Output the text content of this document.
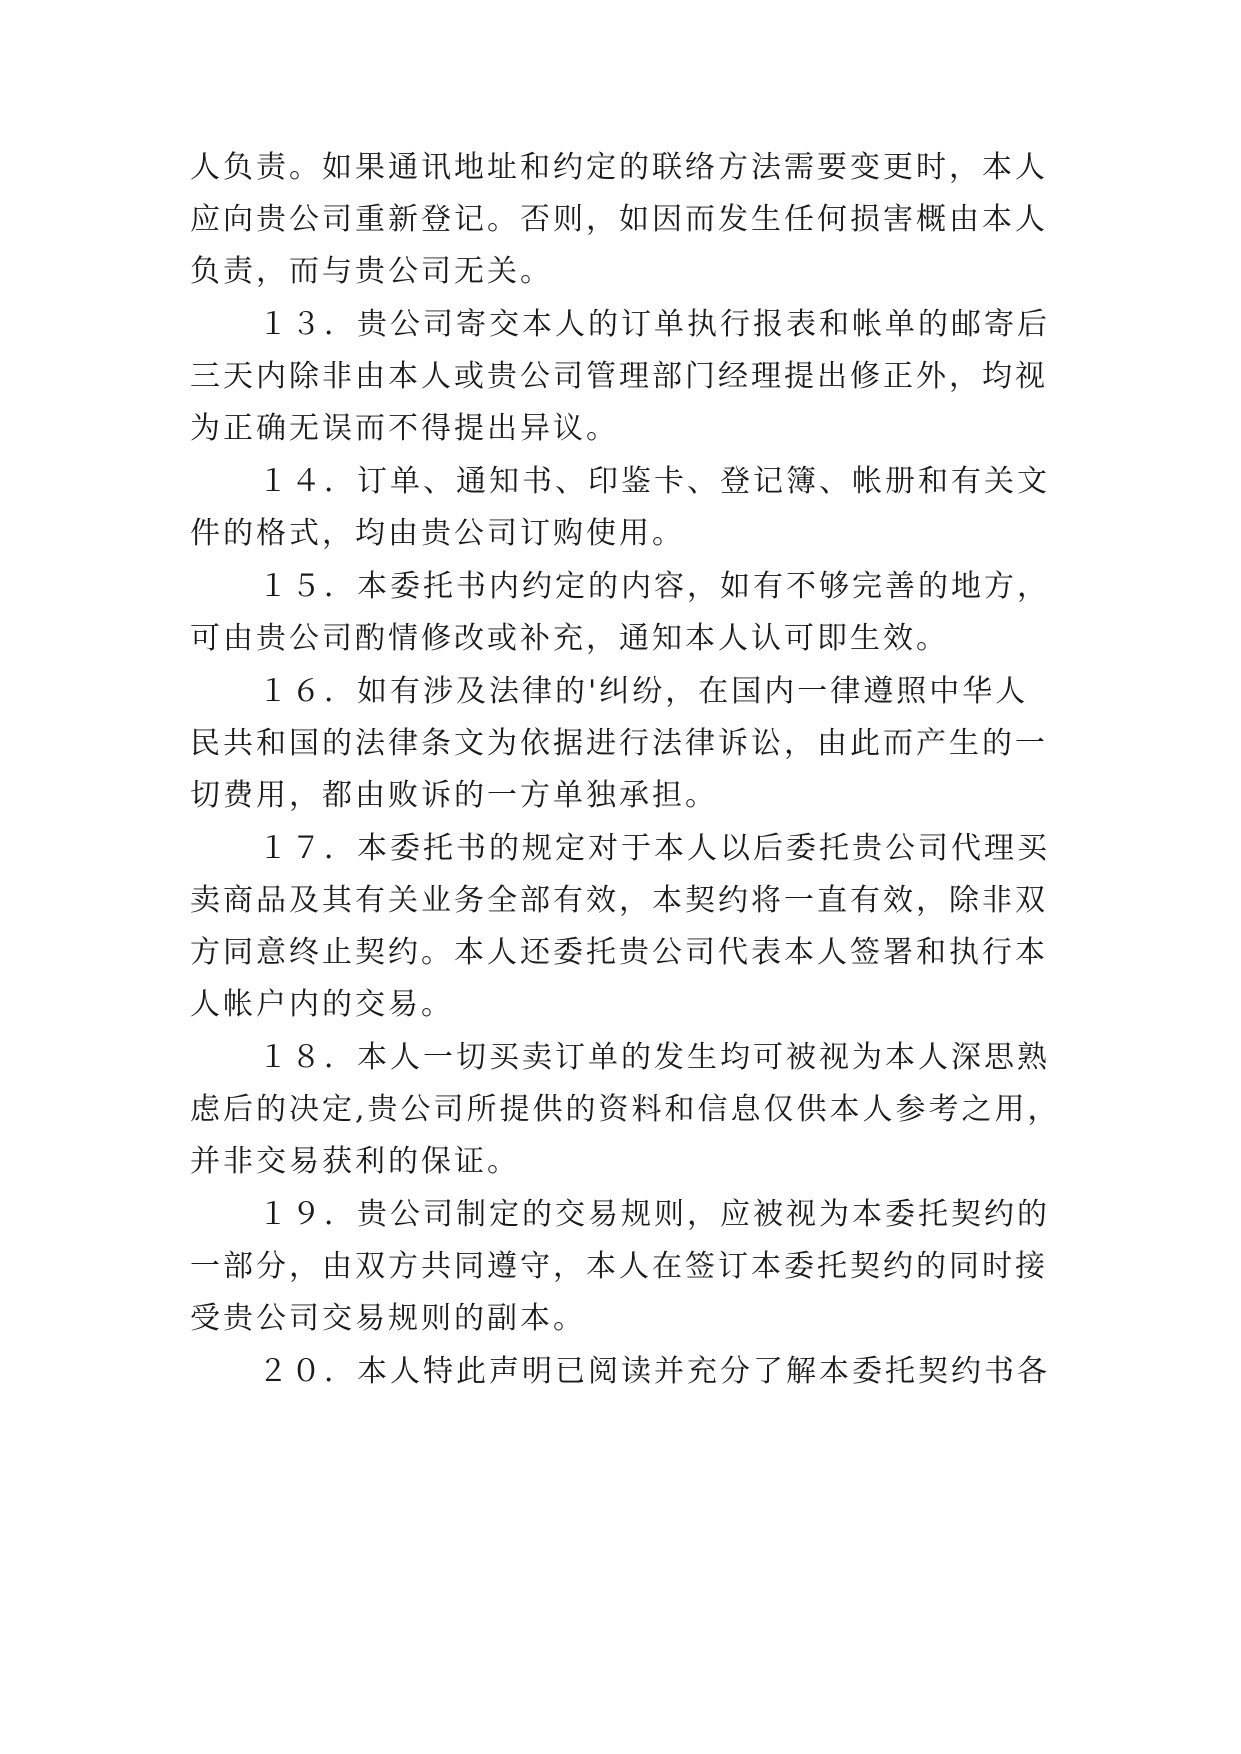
人负责。如果通讯地址和约定的联络方法需要变更时，本人
应向贵公司重新登记。否则，如因而发生任何损害概由本人
负责，而与贵公司无关。
１３．贵公司寄交本人的订单执行报表和帐单的邮寄后
三天内除非由本人或贵公司管理部门经理提出修正外，均视
为正确无误而不得提出异议。
１４．订单、通知书、印鉴卡、登记簿、帐册和有关文
件的格式，均由贵公司订购使用。
１５．本委托书内约定的内容，如有不够完善的地方，
可由贵公司酌情修改或补充，通知本人认可即生效。
１６．如有涉及法律的'纠纷，在国内一律遵照中华人
民共和国的法律条文为依据进行法律诉讼，由此而产生的一
切费用，都由败诉的一方单独承担。
１７．本委托书的规定对于本人以后委托贵公司代理买
卖商品及其有关业务全部有效，本契约将一直有效，除非双
方同意终止契约。本人还委托贵公司代表本人签署和执行本
人帐户内的交易。
１８．本人一切买卖订单的发生均可被视为本人深思熟
虑后的决定,贵公司所提供的资料和信息仅供本人参考之用，
并非交易获利的保证。
１９．贵公司制定的交易规则，应被视为本委托契约的
一部分，由双方共同遵守，本人在签订本委托契约的同时接
受贵公司交易规则的副本。
２０．本人特此声明已阅读并充分了解本委托契约书各
